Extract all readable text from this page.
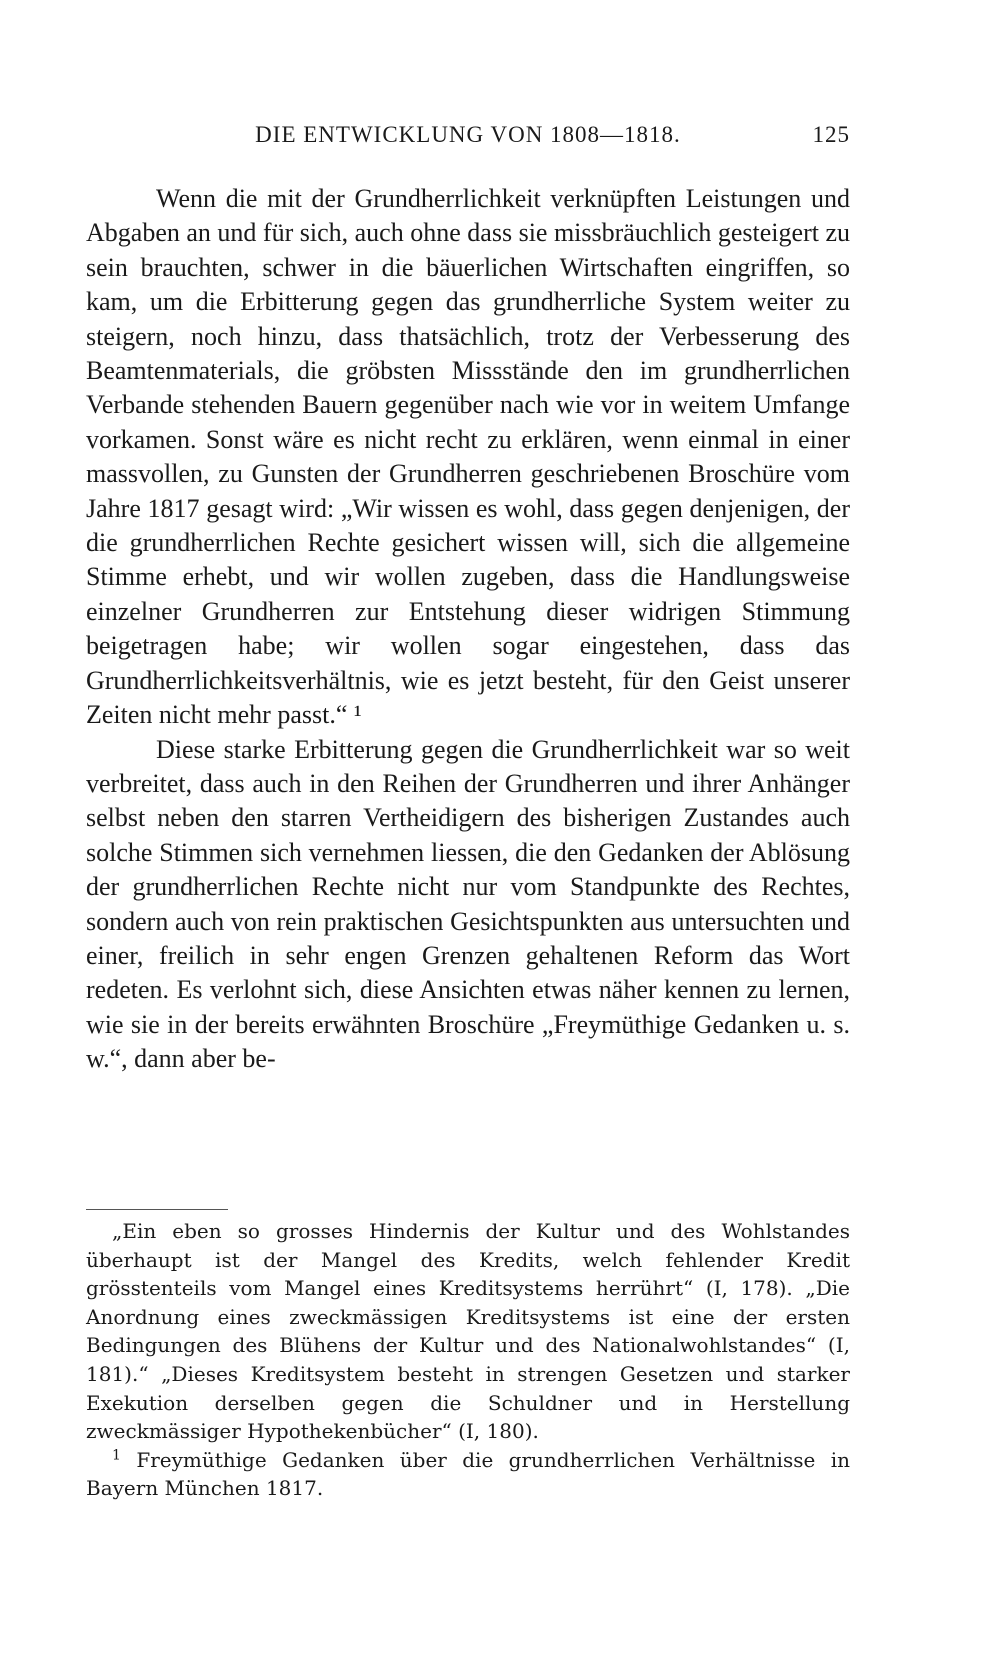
DIE ENTWICKLUNG VON 1808—1818.	125

Wenn die mit der Grundherrlichkeit verknüpften Leistungen und Abgaben an und für sich, auch ohne dass sie missbräuchlich gesteigert zu sein brauchten, schwer in die bäuerlichen Wirtschaften eingriffen, so kam, um die Erbitterung gegen das grundherrliche System weiter zu steigern, noch hinzu, dass thatsächlich, trotz der Verbesserung des Beamtenmaterials, die gröbsten Missstände den im grundherrlichen Verbande stehenden Bauern gegenüber nach wie vor in weitem Umfange vorkamen. Sonst wäre es nicht recht zu erklären, wenn einmal in einer massvollen, zu Gunsten der Grundherren geschriebenen Broschüre vom Jahre 1817 gesagt wird: „Wir wissen es wohl, dass gegen denjenigen, der die grundherrlichen Rechte gesichert wissen will, sich die allgemeine Stimme erhebt, und wir wollen zugeben, dass die Handlungsweise einzelner Grundherren zur Entstehung dieser widrigen Stimmung beigetragen habe; wir wollen sogar eingestehen, dass das Grundherrlichkeitsverhältnis, wie es jetzt besteht, für den Geist unserer Zeiten nicht mehr passt.“ ¹

Diese starke Erbitterung gegen die Grundherrlichkeit war so weit verbreitet, dass auch in den Reihen der Grundherren und ihrer Anhänger selbst neben den starren Vertheidigern des bisherigen Zustandes auch solche Stimmen sich vernehmen liessen, die den Gedanken der Ablösung der grundherrlichen Rechte nicht nur vom Standpunkte des Rechtes, sondern auch von rein praktischen Gesichtspunkten aus untersuchten und einer, freilich in sehr engen Grenzen gehaltenen Reform das Wort redeten. Es verlohnt sich, diese Ansichten etwas näher kennen zu lernen, wie sie in der bereits erwähnten Broschüre „Freymüthige Gedanken u. s. w.“, dann aber be-

„Ein eben so grosses Hindernis der Kultur und des Wohlstandes überhaupt ist der Mangel des Kredits, welch fehlender Kredit grösstenteils vom Mangel eines Kreditsystems herrührt“ (I, 178). „Die Anordnung eines zweckmässigen Kreditsystems ist eine der ersten Bedingungen des Blühens der Kultur und des Nationalwohlstandes“ (I, 181).“ „Dieses Kreditsystem besteht in strengen Gesetzen und starker Exekution derselben gegen die Schuldner und in Herstellung zweckmässiger Hypothekenbücher“ (I, 180).

$^1$ Freymüthige Gedanken über die grundherrlichen Verhältnisse in Bayern München 1817.
